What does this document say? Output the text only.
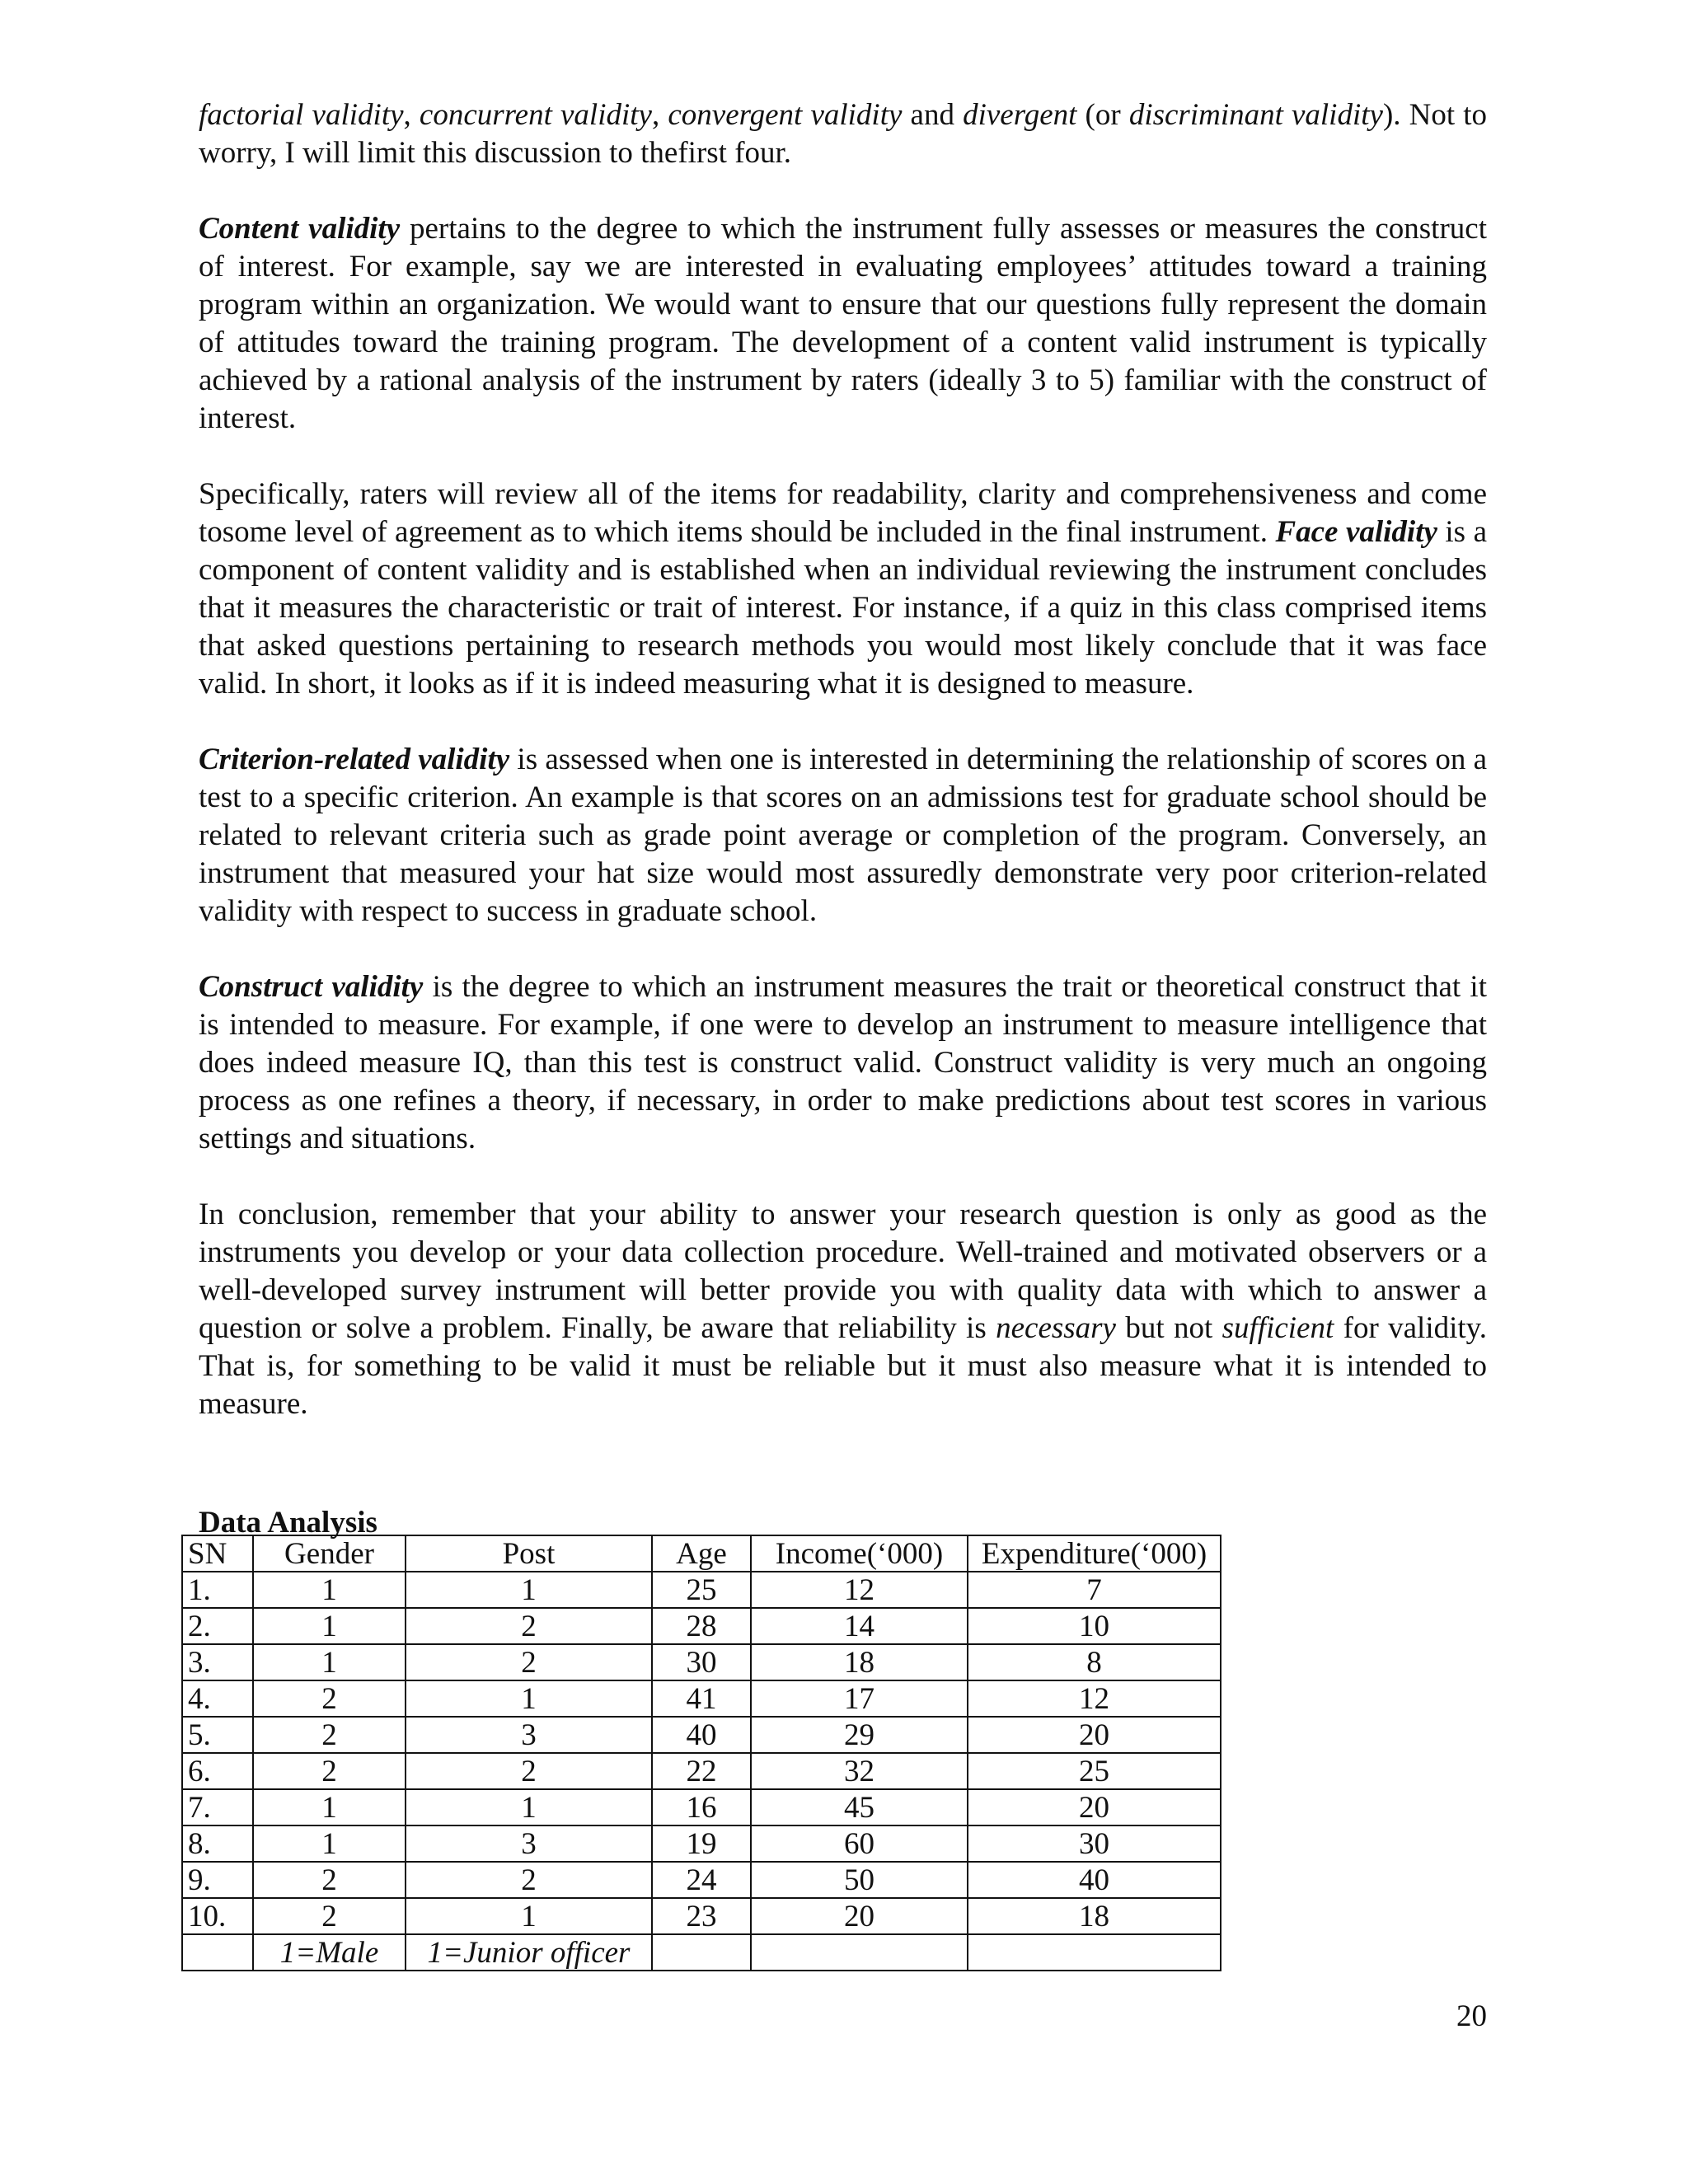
factorial validity, concurrent validity, convergent validity and divergent (or discriminant validity). Not to worry, I will limit this discussion to thefirst four.

Content validity pertains to the degree to which the instrument fully assesses or measures the construct of interest. For example, say we are interested in evaluating employees’ attitudes toward a training program within an organization. We would want to ensure that our questions fully represent the domain of attitudes toward the training program. The development of a content valid instrument is typically achieved by a rational analysis of the instrument by raters (ideally 3 to 5) familiar with the construct of interest.

Specifically, raters will review all of the items for readability, clarity and comprehensiveness and come tosome level of agreement as to which items should be included in the final instrument. Face validity is a component of content validity and is established when an individual reviewing the instrument concludes that it measures the characteristic or trait of interest. For instance, if a quiz in this class comprised items that asked questions pertaining to research methods you would most likely conclude that it was face valid. In short, it looks as if it is indeed measuring what it is designed to measure.

Criterion-related validity is assessed when one is interested in determining the relationship of scores on a test to a specific criterion. An example is that scores on an admissions test for graduate school should be related to relevant criteria such as grade point average or completion of the program. Conversely, an instrument that measured your hat size would most assuredly demonstrate very poor criterion-related validity with respect to success in graduate school.

Construct validity is the degree to which an instrument measures the trait or theoretical construct that it is intended to measure. For example, if one were to develop an instrument to measure intelligence that does indeed measure IQ, than this test is construct valid. Construct validity is very much an ongoing process as one refines a theory, if necessary, in order to make predictions about test scores in various settings and situations.

In conclusion, remember that your ability to answer your research question is only as good as the instruments you develop or your data collection procedure. Well-trained and motivated observers or a well-developed survey instrument will better provide you with quality data with which to answer a question or solve a problem. Finally, be aware that reliability is necessary but not sufficient for validity. That is, for something to be valid it must be reliable but it must also measure what it is intended to measure.

Data Analysis
SN	Gender	Post	Age	Income(‘000)	Expenditure(‘000)
1.	1	1	25	12	7
2.	1	2	28	14	10
3.	1	2	30	18	8
4.	2	1	41	17	12
5.	2	3	40	29	20
6.	2	2	22	32	25
7.	1	1	16	45	20
8.	1	3	19	60	30
9.	2	2	24	50	40
10.	2	1	23	20	18
	1=Male	1=Junior officer			
20
